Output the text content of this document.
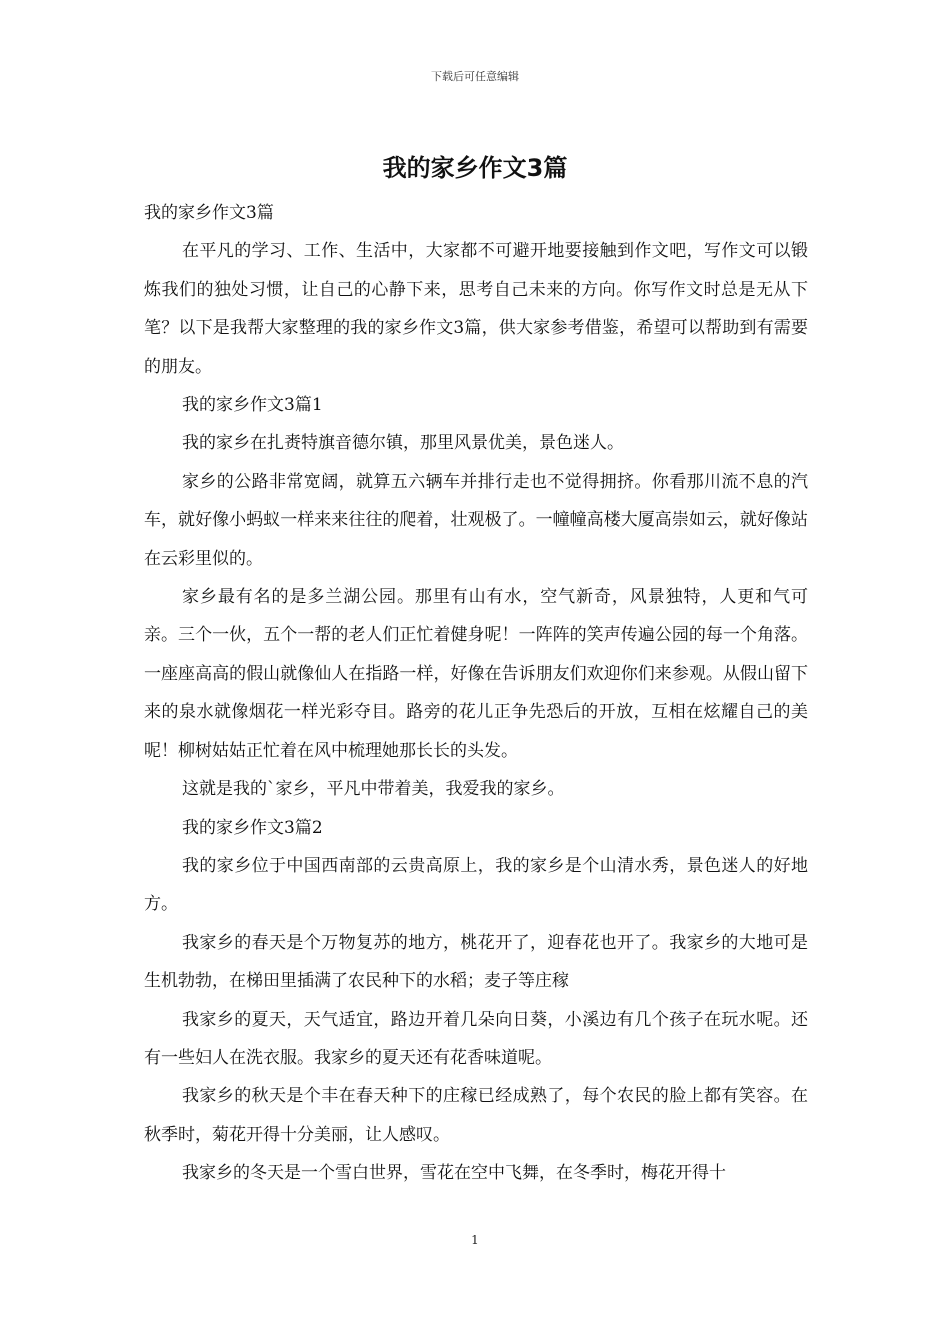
下载后可任意编辑
我的家乡作文3篇

我的家乡作文3篇

在平凡的学习、工作、生活中，大家都不可避开地要接触到作文吧，写作文可以锻炼我们的独处习惯，让自己的心静下来，思考自己未来的方向。你写作文时总是无从下笔？以下是我帮大家整理的我的家乡作文3篇，供大家参考借鉴，希望可以帮助到有需要的朋友。

我的家乡作文3篇1

我的家乡在扎赉特旗音德尔镇，那里风景优美，景色迷人。

家乡的公路非常宽阔，就算五六辆车并排行走也不觉得拥挤。你看那川流不息的汽车，就好像小蚂蚁一样来来往往的爬着，壮观极了。一幢幢高楼大厦高崇如云，就好像站在云彩里似的。

家乡最有名的是多兰湖公园。那里有山有水，空气新奇，风景独特，人更和气可亲。三个一伙，五个一帮的老人们正忙着健身呢！一阵阵的笑声传遍公园的每一个角落。一座座高高的假山就像仙人在指路一样，好像在告诉朋友们欢迎你们来参观。从假山留下来的泉水就像烟花一样光彩夺目。路旁的花儿正争先恐后的开放，互相在炫耀自己的美呢！柳树姑姑正忙着在风中梳理她那长长的头发。

这就是我的`家乡，平凡中带着美，我爱我的家乡。

我的家乡作文3篇2

我的家乡位于中国西南部的云贵高原上，我的家乡是个山清水秀，景色迷人的好地方。

我家乡的春天是个万物复苏的地方，桃花开了，迎春花也开了。我家乡的大地可是生机勃勃，在梯田里插满了农民种下的水稻；麦子等庄稼

我家乡的夏天，天气适宜，路边开着几朵向日葵，小溪边有几个孩子在玩水呢。还有一些妇人在洗衣服。我家乡的夏天还有花香味道呢。

我家乡的秋天是个丰在春天种下的庄稼已经成熟了，每个农民的脸上都有笑容。在秋季时，菊花开得十分美丽，让人感叹。

我家乡的冬天是一个雪白世界，雪花在空中飞舞，在冬季时，梅花开得十

1
